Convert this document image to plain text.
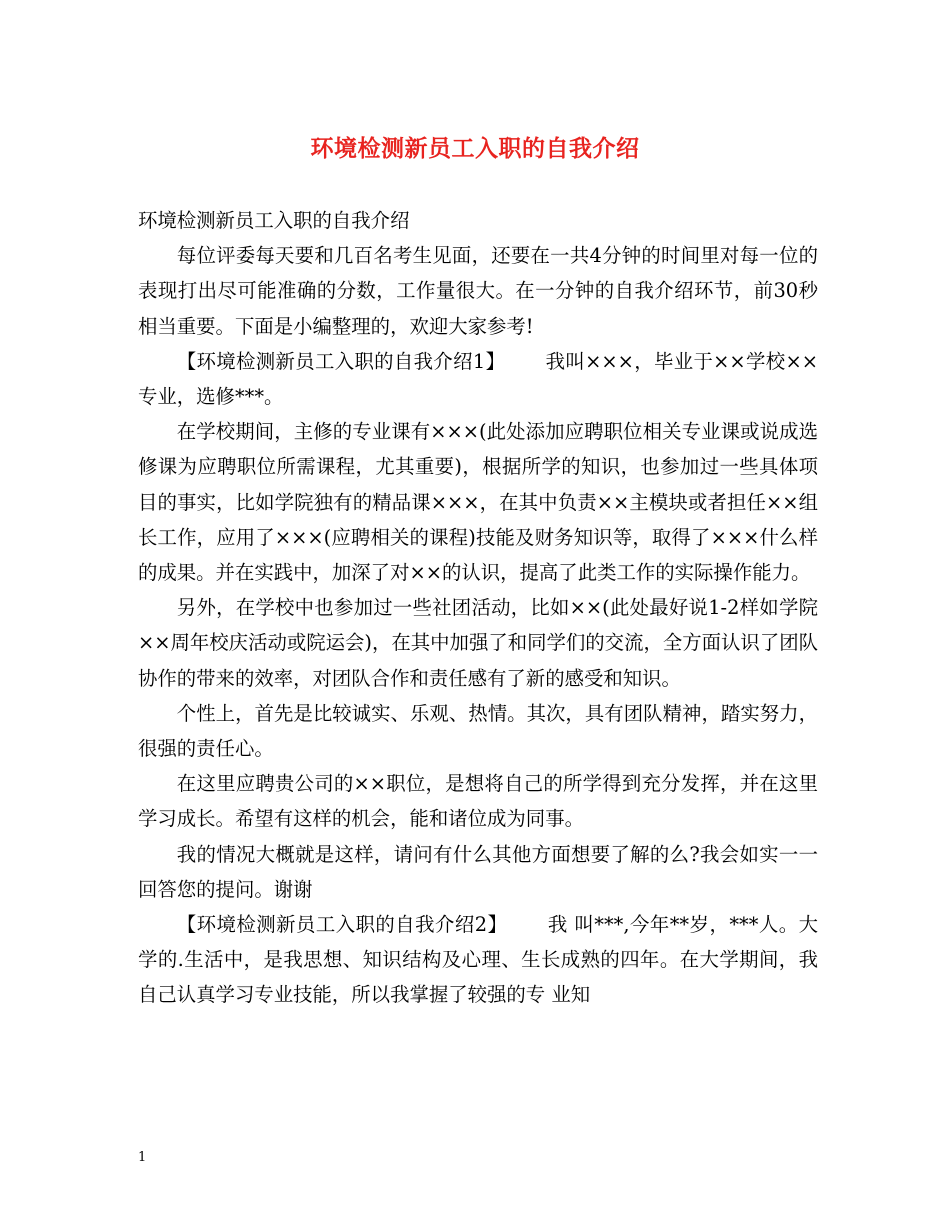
环境检测新员工入职的自我介绍

环境检测新员工入职的自我介绍

每位评委每天要和几百名考生见面，还要在一共4分钟的时间里对每一位的表现打出尽可能准确的分数，工作量很大。在一分钟的自我介绍环节，前30秒相当重要。下面是小编整理的，欢迎大家参考!

【环境检测新员工入职的自我介绍1】 我叫×××，毕业于××学校××专业，选修***。

在学校期间，主修的专业课有×××(此处添加应聘职位相关专业课或说成选修课为应聘职位所需课程，尤其重要)，根据所学的知识，也参加过一些具体项目的事实，比如学院独有的精品课×××，在其中负责××主模块或者担任××组长工作，应用了×××(应聘相关的课程)技能及财务知识等，取得了×××什么样的成果。并在实践中，加深了对××的认识，提高了此类工作的实际操作能力。

另外，在学校中也参加过一些社团活动，比如××(此处最好说1-2样如学院××周年校庆活动或院运会)，在其中加强了和同学们的交流，全方面认识了团队协作的带来的效率，对团队合作和责任感有了新的感受和知识。

个性上，首先是比较诚实、乐观、热情。其次，具有团队精神，踏实努力，很强的责任心。

在这里应聘贵公司的××职位，是想将自己的所学得到充分发挥，并在这里学习成长。希望有这样的机会，能和诸位成为同事。

我的情况大概就是这样，请问有什么其他方面想要了解的么?我会如实一一回答您的提问。谢谢

【环境检测新员工入职的自我介绍2】 我 叫***,今年**岁，***人。大学的.生活中，是我思想、知识结构及心理、生长成熟的四年。在大学期间，我自己认真学习专业技能，所以我掌握了较强的专 业知

1
